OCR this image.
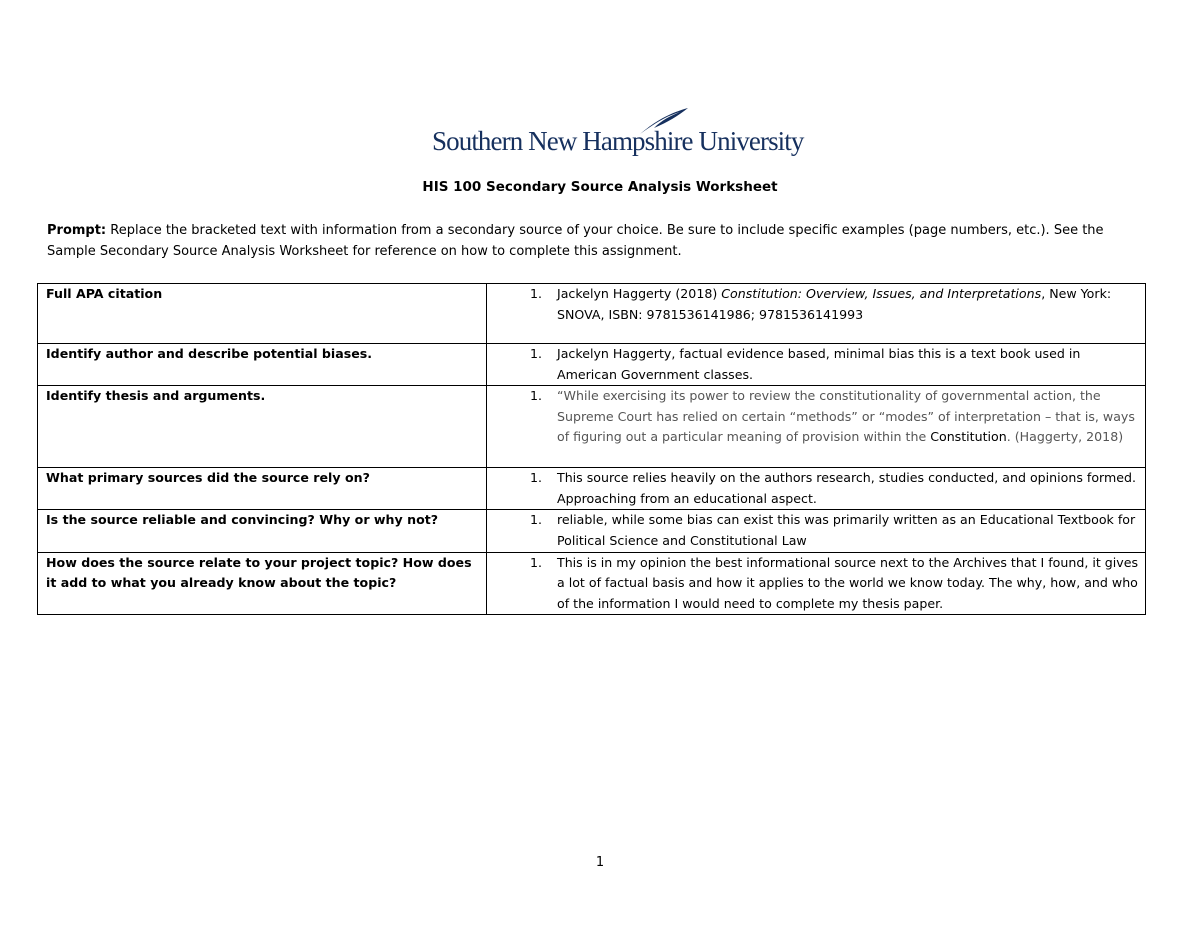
Southern New Hampshire University
HIS 100 Secondary Source Analysis Worksheet
Prompt: Replace the bracketed text with information from a secondary source of your choice. Be sure to include specific examples (page numbers, etc.). See the Sample Secondary Source Analysis Worksheet for reference on how to complete this assignment.
Full APA citation	1. Jackelyn Haggerty (2018) Constitution: Overview, Issues, and Interpretations, New York: SNOVA, ISBN: 9781536141986; 9781536141993

Identify author and describe potential biases.	1. Jackelyn Haggerty, factual evidence based, minimal bias this is a text book used in American Government classes.

Identify thesis and arguments.	1. “While exercising its power to review the constitutionality of governmental action, the Supreme Court has relied on certain “methods” or “modes” of interpretation – that is, ways of figuring out a particular meaning of provision within the Constitution. (Haggerty, 2018)

What primary sources did the source rely on?	1. This source relies heavily on the authors research, studies conducted, and opinions formed. Approaching from an educational aspect.

Is the source reliable and convincing? Why or why not?	1. reliable, while some bias can exist this was primarily written as an Educational Textbook for Political Science and Constitutional Law

How does the source relate to your project topic? How does it add to what you already know about the topic?	1. This is in my opinion the best informational source next to the Archives that I found, it gives a lot of factual basis and how it applies to the world we know today. The why, how, and who of the information I would need to complete my thesis paper.
1
